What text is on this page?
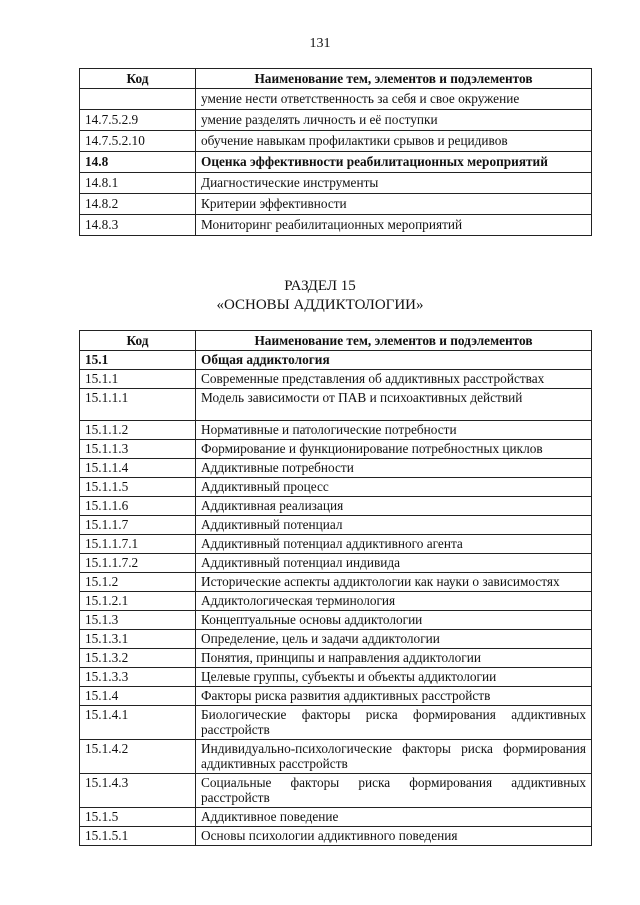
131
Код	Наименование тем, элементов и подэлементов
	умение нести ответственность за себя и свое окружение
14.7.5.2.9	умение разделять личность и её поступки
14.7.5.2.10	обучение навыкам профилактики срывов и рецидивов
14.8	Оценка эффективности реабилитационных мероприятий
14.8.1	Диагностические инструменты
14.8.2	Критерии эффективности
14.8.3	Мониторинг реабилитационных мероприятий
РАЗДЕЛ 15
«ОСНОВЫ АДДИКТОЛОГИИ»
Код	Наименование тем, элементов и подэлементов
15.1	Общая аддиктология
15.1.1	Современные представления об аддиктивных расстройствах
15.1.1.1	Модель зависимости от ПАВ и психоактивных действий
15.1.1.2	Нормативные и патологические потребности
15.1.1.3	Формирование и функционирование потребностных циклов
15.1.1.4	Аддиктивные потребности
15.1.1.5	Аддиктивный процесс
15.1.1.6	Аддиктивная реализация
15.1.1.7	Аддиктивный потенциал
15.1.1.7.1	Аддиктивный потенциал аддиктивного агента
15.1.1.7.2	Аддиктивный потенциал индивида
15.1.2	Исторические аспекты аддиктологии как науки о зависимостях
15.1.2.1	Аддиктологическая терминология
15.1.3	Концептуальные основы аддиктологии
15.1.3.1	Определение, цель и задачи аддиктологии
15.1.3.2	Понятия, принципы и направления аддиктологии
15.1.3.3	Целевые группы, субъекты и объекты аддиктологии
15.1.4	Факторы риска развития аддиктивных расстройств
15.1.4.1	Биологические факторы риска формирования аддиктивных расстройств
15.1.4.2	Индивидуально-психологические факторы риска формирования аддиктивных расстройств
15.1.4.3	Социальные факторы риска формирования аддиктивных расстройств
15.1.5	Аддиктивное поведение
15.1.5.1	Основы психологии аддиктивного поведения
